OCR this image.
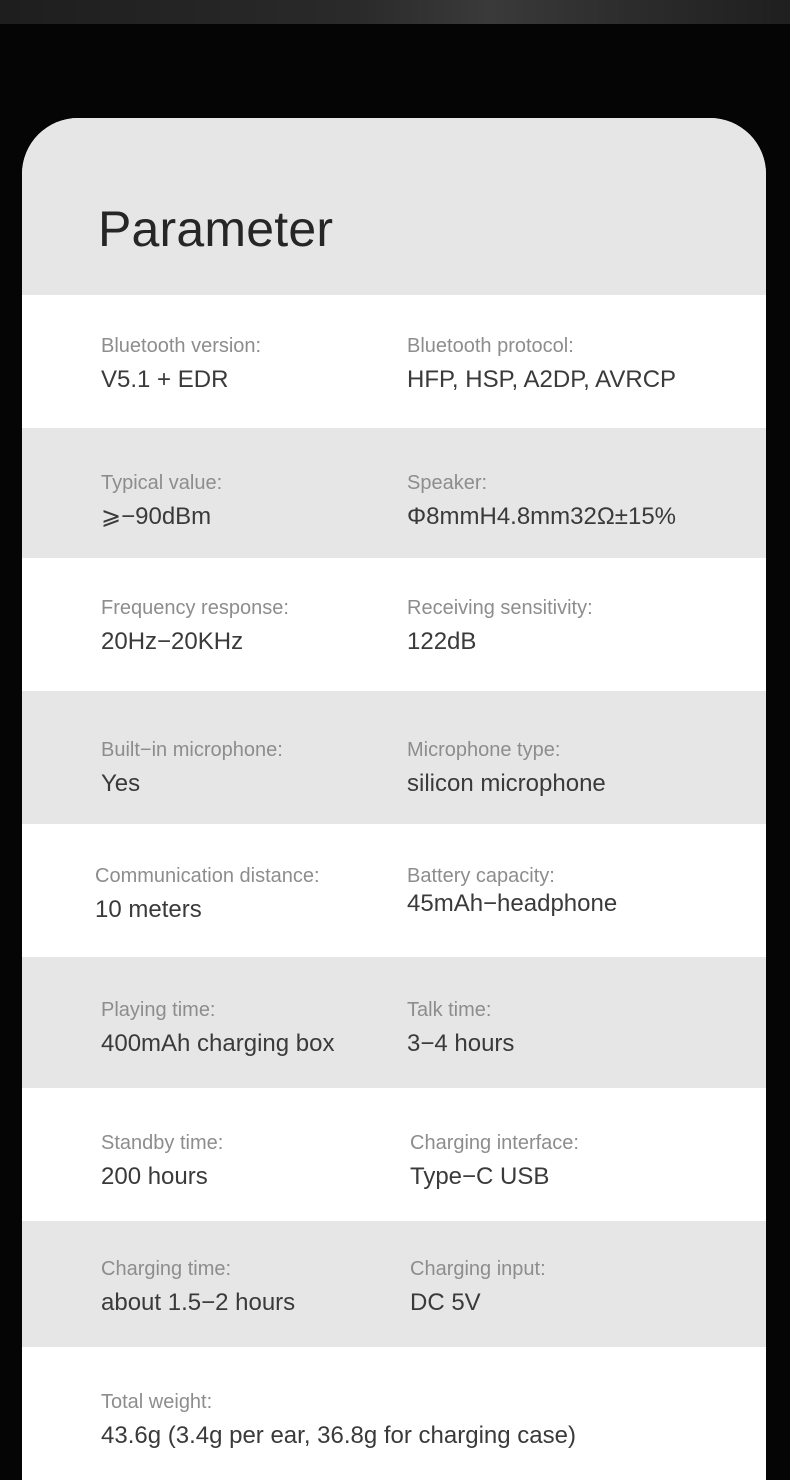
Parameter
Bluetooth version:
V5.1 + EDR
Bluetooth protocol:
HFP, HSP, A2DP, AVRCP
Typical value:
⩾−90dBm
Speaker:
Φ8mmH4.8mm32Ω±15%
Frequency response:
20Hz−20KHz
Receiving sensitivity:
122dB
Built−in microphone:
Yes
Microphone type:
silicon microphone
Communication distance:
10 meters
Battery capacity:
45mAh−headphone
Playing time:
400mAh charging box
Talk time:
3−4 hours
Standby time:
200 hours
Charging interface:
Type−C USB
Charging time:
about 1.5−2 hours
Charging input:
DC 5V
Total weight:
43.6g (3.4g per ear, 36.8g for charging case)
